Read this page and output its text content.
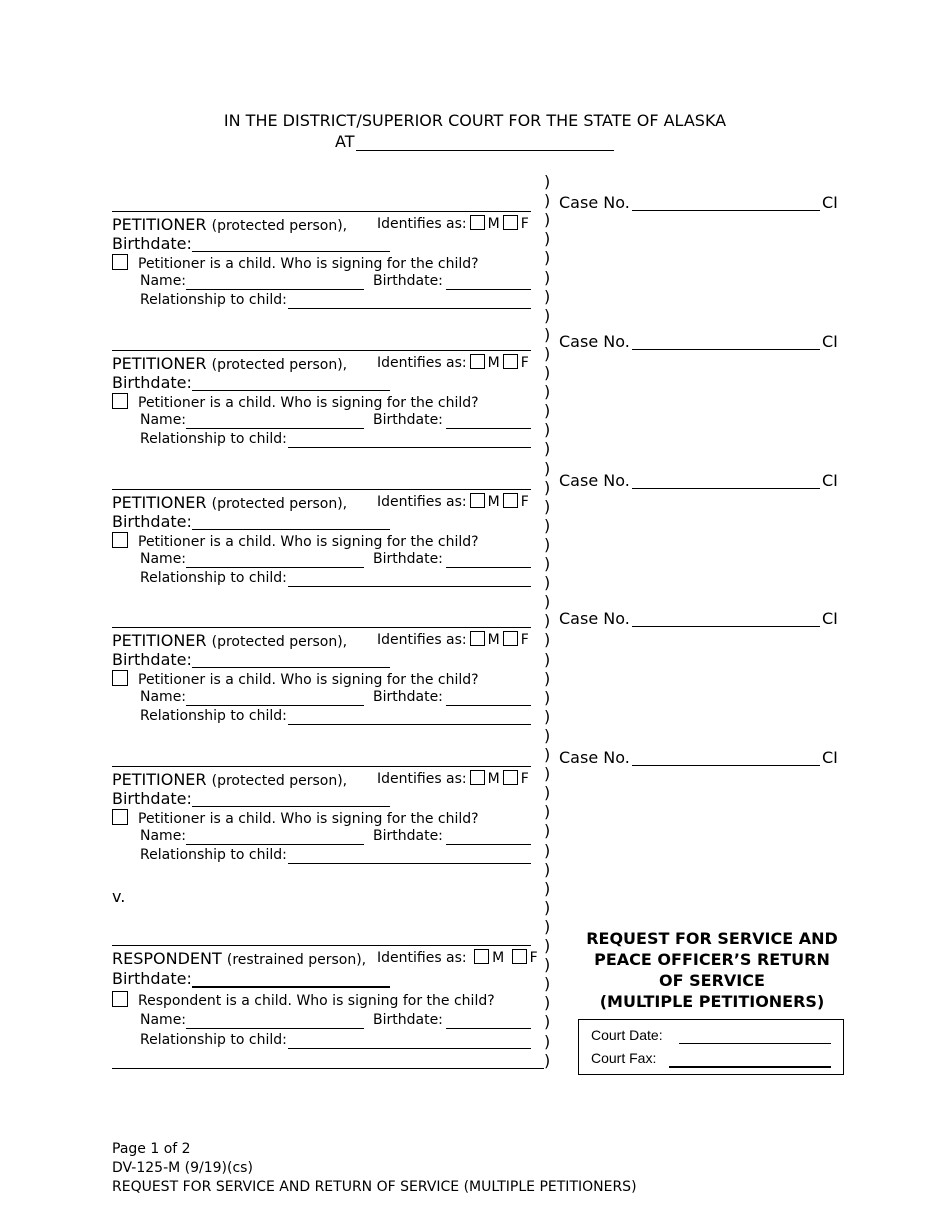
IN THE DISTRICT/SUPERIOR COURT FOR THE STATE OF ALASKA
AT
)
)
)
)
)
)
)
)
)
)
)
)
)
)
)
)
)
)
)
)
)
)
)
)
)
)
)
)
)
)
)
)
)
)
)
)
)
)
)
)
)
)
)
)
)
)
)
PETITIONER (protected person), Identifies as: M F
Birthdate:
Petitioner is a child. Who is signing for the child?
Name:	Birthdate:
Relationship to child:
PETITIONER (protected person), Identifies as: M F
Birthdate:
Petitioner is a child. Who is signing for the child?
Name:	Birthdate:
Relationship to child:
PETITIONER (protected person), Identifies as: M F
Birthdate:
Petitioner is a child. Who is signing for the child?
Name:	Birthdate:
Relationship to child:
PETITIONER (protected person), Identifies as: M F
Birthdate:
Petitioner is a child. Who is signing for the child?
Name:	Birthdate:
Relationship to child:
PETITIONER (protected person), Identifies as: M F
Birthdate:
Petitioner is a child. Who is signing for the child?
Name:	Birthdate:
Relationship to child:
Case No.	CI
Case No.	CI
Case No.	CI
Case No.	CI
Case No.	CI
v.
RESPONDENT (restrained person), Identifies as: M F
Birthdate:
Respondent is a child. Who is signing for the child?
Name:	Birthdate:
Relationship to child:
REQUEST FOR SERVICE AND
PEACE OFFICER’S RETURN
OF SERVICE
(MULTIPLE PETITIONERS)
Court Date:
Court Fax:
Page 1 of 2
DV-125-M (9/19)(cs)
REQUEST FOR SERVICE AND RETURN OF SERVICE (MULTIPLE PETITIONERS)
